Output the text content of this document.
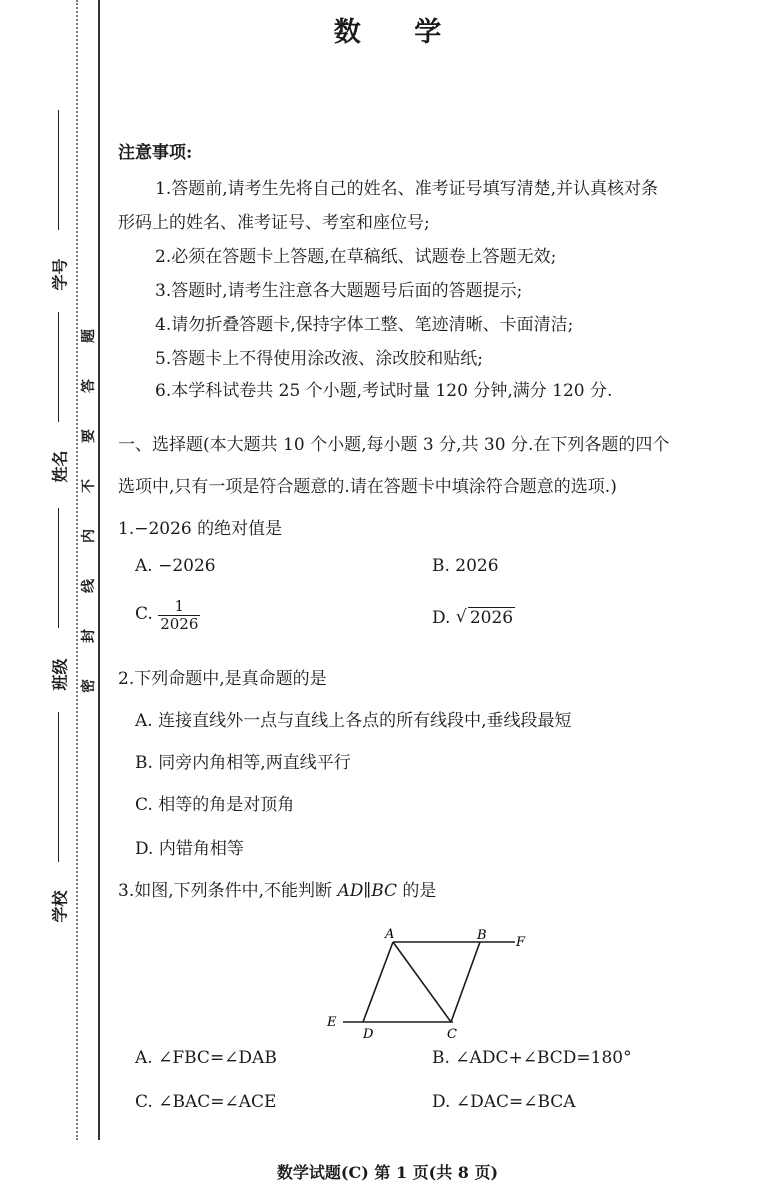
学号
姓名
班级
学校
密
封
线
内
不
要
答
题
数 学
注意事项:
1.答题前,请考生先将自己的姓名、准考证号填写清楚,并认真核对条
形码上的姓名、准考证号、考室和座位号;
2.必须在答题卡上答题,在草稿纸、试题卷上答题无效;
3.答题时,请考生注意各大题题号后面的答题提示;
4.请勿折叠答题卡,保持字体工整、笔迹清晰、卡面清洁;
5.答题卡上不得使用涂改液、涂改胶和贴纸;
6.本学科试卷共 25 个小题,考试时量 120 分钟,满分 120 分.
一、选择题(本大题共 10 个小题,每小题 3 分,共 30 分.在下列各题的四个
选项中,只有一项是符合题意的.请在答题卡中填涂符合题意的选项.)
1.−2026 的绝对值是
A. −2026	B. 2026
C. $\frac{1}{2026}$	D. √ 2026
2.下列命题中,是真命题的是
A. 连接直线外一点与直线上各点的所有线段中,垂线段最短
B. 同旁内角相等,两直线平行
C. 相等的角是对顶角
D. 内错角相等
3.如图,下列条件中,不能判断 AD∥BC 的是
A	B F
E
D	C
A. ∠FBC=∠DAB	B. ∠ADC+∠BCD=180°
C. ∠BAC=∠ACE	D. ∠DAC=∠BCA
数学试题(C) 第 1 页(共 8 页)
